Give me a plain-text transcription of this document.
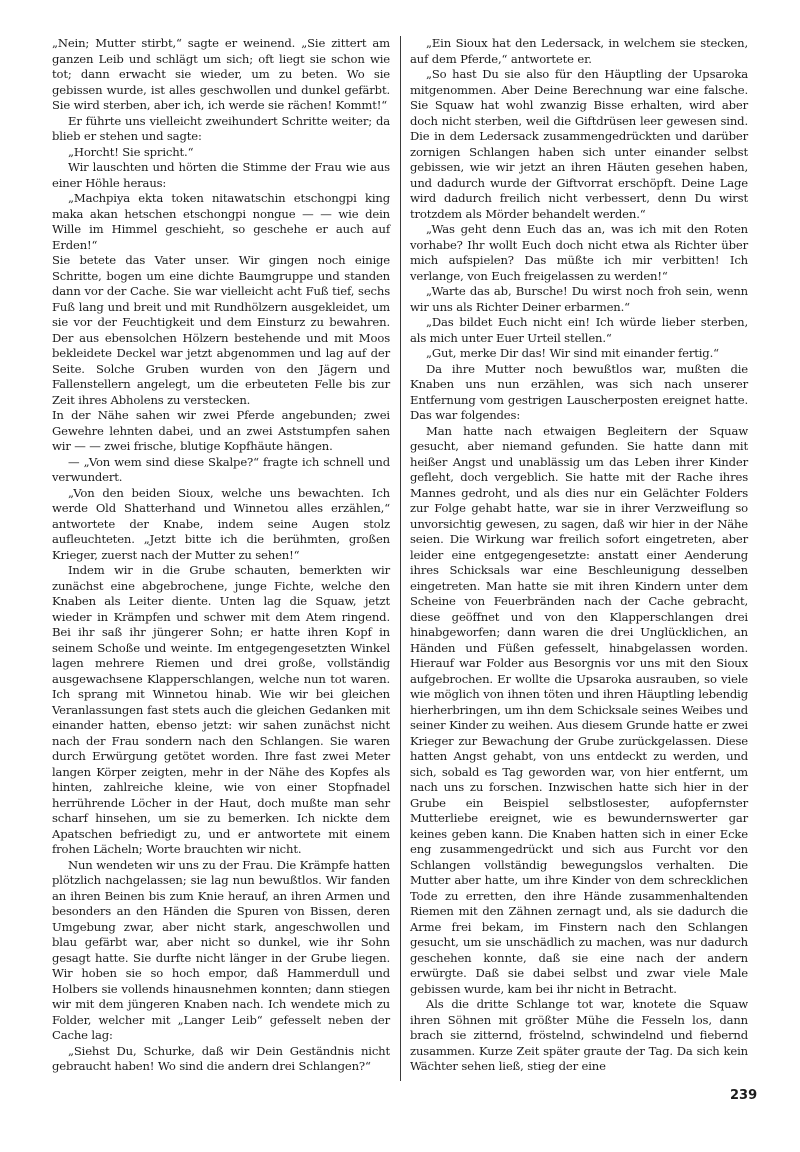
„Nein; Mutter stirbt,“ sagte er weinend. „Sie zittert am ganzen Leib und schlägt um sich; oft liegt sie schon wie tot; dann erwacht sie wieder, um zu beten. Wo sie gebissen wurde, ist alles geschwollen und dunkel gefärbt. Sie wird sterben, aber ich, ich werde sie rächen! Kommt!“

Er führte uns vielleicht zweihundert Schritte weiter; da blieb er stehen und sagte:

„Horcht! Sie spricht.“

Wir lauschten und hörten die Stimme der Frau wie aus einer Höhle heraus:

„Machpiya ekta token nitawatschin etschongpi king maka akan hetschen etschongpi nongue — — wie dein Wille im Himmel geschieht, so geschehe er auch auf Erden!“

Sie betete das Vater unser. Wir gingen noch einige Schritte, bogen um eine dichte Baumgruppe und standen dann vor der Cache. Sie war vielleicht acht Fuß tief, sechs Fuß lang und breit und mit Rundhölzern ausgekleidet, um sie vor der Feuchtigkeit und dem Einsturz zu bewahren. Der aus ebensolchen Hölzern bestehende und mit Moos bekleidete Deckel war jetzt abgenommen und lag auf der Seite. Solche Gruben wurden von den Jägern und Fallenstellern angelegt, um die erbeuteten Felle bis zur Zeit ihres Abholens zu verstecken.

In der Nähe sahen wir zwei Pferde angebunden; zwei Gewehre lehnten dabei, und an zwei Aststumpfen sahen wir — — zwei frische, blutige Kopfhäute hängen.

— „Von wem sind diese Skalpe?“ fragte ich schnell und verwundert.

„Von den beiden Sioux, welche uns bewachten. Ich werde Old Shatterhand und Winnetou alles erzählen,“ antwortete der Knabe, indem seine Augen stolz aufleuchteten. „Jetzt bitte ich die berühmten, großen Krieger, zuerst nach der Mutter zu sehen!“

Indem wir in die Grube schauten, bemerkten wir zunächst eine abgebrochene, junge Fichte, welche den Knaben als Leiter diente. Unten lag die Squaw, jetzt wieder in Krämpfen und schwer mit dem Atem ringend. Bei ihr saß ihr jüngerer Sohn; er hatte ihren Kopf in seinem Schoße und weinte. Im entgegengesetzten Winkel lagen mehrere Riemen und drei große, vollständig ausgewachsene Klapperschlangen, welche nun tot waren. Ich sprang mit Winnetou hinab. Wie wir bei gleichen Veranlassungen fast stets auch die gleichen Gedanken mit einander hatten, ebenso jetzt: wir sahen zunächst nicht nach der Frau sondern nach den Schlangen. Sie waren durch Erwürgung getötet worden. Ihre fast zwei Meter langen Körper zeigten, mehr in der Nähe des Kopfes als hinten, zahlreiche kleine, wie von einer Stopfnadel herrührende Löcher in der Haut, doch mußte man sehr scharf hinsehen, um sie zu bemerken. Ich nickte dem Apatschen befriedigt zu, und er antwortete mit einem frohen Lächeln; Worte brauchten wir nicht.

Nun wendeten wir uns zu der Frau. Die Krämpfe hatten plötzlich nachgelassen; sie lag nun bewußtlos. Wir fanden an ihren Beinen bis zum Knie herauf, an ihren Armen und besonders an den Händen die Spuren von Bissen, deren Umgebung zwar, aber nicht stark, angeschwollen und blau gefärbt war, aber nicht so dunkel, wie ihr Sohn gesagt hatte. Sie durfte nicht länger in der Grube liegen. Wir hoben sie so hoch empor, daß Hammerdull und Holbers sie vollends hinausnehmen konnten; dann stiegen wir mit dem jüngeren Knaben nach. Ich wendete mich zu Folder, welcher mit „Langer Leib“ gefesselt neben der Cache lag:

„Siehst Du, Schurke, daß wir Dein Geständnis nicht gebraucht haben! Wo sind die andern drei Schlangen?“

„Ein Sioux hat den Ledersack, in welchem sie stecken, auf dem Pferde,“ antwortete er.

„So hast Du sie also für den Häuptling der Upsaroka mitgenommen. Aber Deine Berechnung war eine falsche. Sie Squaw hat wohl zwanzig Bisse erhalten, wird aber doch nicht sterben, weil die Giftdrüsen leer gewesen sind. Die in dem Ledersack zusammengedrückten und darüber zornigen Schlangen haben sich unter einander selbst gebissen, wie wir jetzt an ihren Häuten gesehen haben, und dadurch wurde der Giftvorrat erschöpft. Deine Lage wird dadurch freilich nicht verbessert, denn Du wirst trotzdem als Mörder behandelt werden.“

„Was geht denn Euch das an, was ich mit den Roten vorhabe? Ihr wollt Euch doch nicht etwa als Richter über mich aufspielen? Das müßte ich mir verbitten! Ich verlange, von Euch freigelassen zu werden!“

„Warte das ab, Bursche! Du wirst noch froh sein, wenn wir uns als Richter Deiner erbarmen.“

„Das bildet Euch nicht ein! Ich würde lieber sterben, als mich unter Euer Urteil stellen.“

„Gut, merke Dir das! Wir sind mit einander fertig.“

Da ihre Mutter noch bewußtlos war, mußten die Knaben uns nun erzählen, was sich nach unserer Entfernung vom gestrigen Lauscherposten ereignet hatte. Das war folgendes:

Man hatte nach etwaigen Begleitern der Squaw gesucht, aber niemand gefunden. Sie hatte dann mit heißer Angst und unablässig um das Leben ihrer Kinder gefleht, doch vergeblich. Sie hatte mit der Rache ihres Mannes gedroht, und als dies nur ein Gelächter Folders zur Folge gehabt hatte, war sie in ihrer Verzweiflung so unvorsichtig gewesen, zu sagen, daß wir hier in der Nähe seien. Die Wirkung war freilich sofort eingetreten, aber leider eine entgegengesetzte: anstatt einer Aenderung ihres Schicksals war eine Beschleunigung desselben eingetreten. Man hatte sie mit ihren Kindern unter dem Scheine von Feuerbränden nach der Cache gebracht, diese geöffnet und von den Klapperschlangen drei hinabgeworfen; dann waren die drei Unglücklichen, an Händen und Füßen gefesselt, hinabgelassen worden. Hierauf war Folder aus Besorgnis vor uns mit den Sioux aufgebrochen. Er wollte die Upsaroka ausrauben, so viele wie möglich von ihnen töten und ihren Häuptling lebendig hierherbringen, um ihn dem Schicksale seines Weibes und seiner Kinder zu weihen. Aus diesem Grunde hatte er zwei Krieger zur Bewachung der Grube zurückgelassen. Diese hatten Angst gehabt, von uns entdeckt zu werden, und sich, sobald es Tag geworden war, von hier entfernt, um nach uns zu forschen. Inzwischen hatte sich hier in der Grube ein Beispiel selbstlosester, aufopfernster Mutterliebe ereignet, wie es bewundernswerter gar keines geben kann. Die Knaben hatten sich in einer Ecke eng zusammengedrückt und sich aus Furcht vor den Schlangen vollständig bewegungslos verhalten. Die Mutter aber hatte, um ihre Kinder von dem schrecklichen Tode zu erretten, den ihre Hände zusammenhaltenden Riemen mit den Zähnen zernagt und, als sie dadurch die Arme frei bekam, im Finstern nach den Schlangen gesucht, um sie unschädlich zu machen, was nur dadurch geschehen konnte, daß sie eine nach der andern erwürgte. Daß sie dabei selbst und zwar viele Male gebissen wurde, kam bei ihr nicht in Betracht.

Als die dritte Schlange tot war, knotete die Squaw ihren Söhnen mit größter Mühe die Fesseln los, dann brach sie zitternd, fröstelnd, schwindelnd und fiebernd zusammen. Kurze Zeit später graute der Tag. Da sich kein Wächter sehen ließ, stieg der eine

239
